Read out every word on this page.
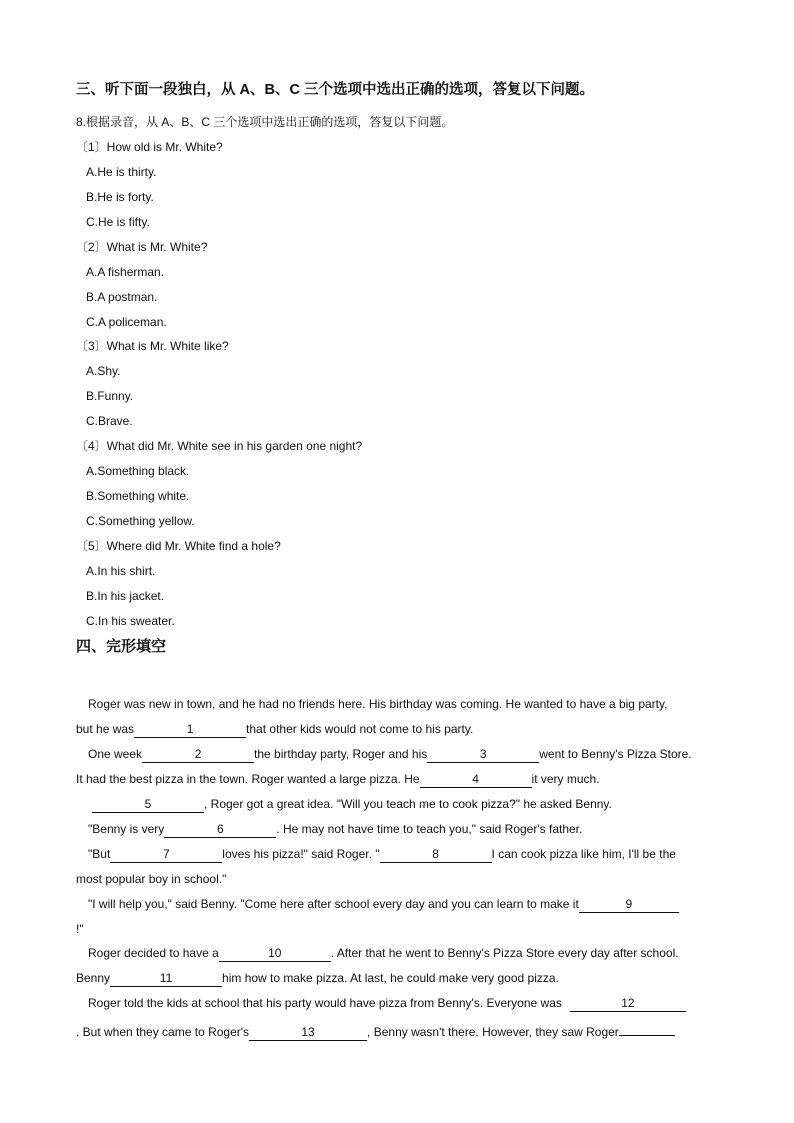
三、听下面一段独白，从 A、B、C 三个选项中选出正确的选项，答复以下问题。
8.根据录音，从 A、B、C 三个选项中选出正确的选项，答复以下问题。
〔1〕How old is Mr. White?
A.He is thirty.
B.He is forty.
C.He is fifty.
〔2〕What is Mr. White?
A.A fisherman.
B.A postman.
C.A policeman.
〔3〕What is Mr. White like?
A.Shy.
B.Funny.
C.Brave.
〔4〕What did Mr. White see in his garden one night?
A.Something black.
B.Something white.
C.Something yellow.
〔5〕Where did Mr. White find a hole?
A.In his shirt.
B.In his jacket.
C.In his sweater.
四、完形填空
Roger was new in town, and he had no friends here. His birthday was coming. He wanted to have a big party,
but he was	1	that other kids would not come to his party.
One week	2	the birthday party, Roger and his	3	went to Benny's Pizza Store.
It had the best pizza in the town. Roger wanted a large pizza. He	4	it very much.
5	, Roger got a great idea. "Will you teach me to cook pizza?" he asked Benny.
"Benny is very	6	. He may not have time to teach you," said Roger's father.
"But	7	loves his pizza!" said Roger. "	8	I can cook pizza like him, I'll be the
most popular boy in school."
"I will help you," said Benny. "Come here after school every day and you can learn to make it	9
!"
Roger decided to have a	10	. After that he went to Benny's Pizza Store every day after school.
Benny	11	him how to make pizza. At last, he could make very good pizza.
Roger told the kids at school that his party would have pizza from Benny's. Everyone was	12
. But when they came to Roger's	13	, Benny wasn't there. However, they saw Roger
